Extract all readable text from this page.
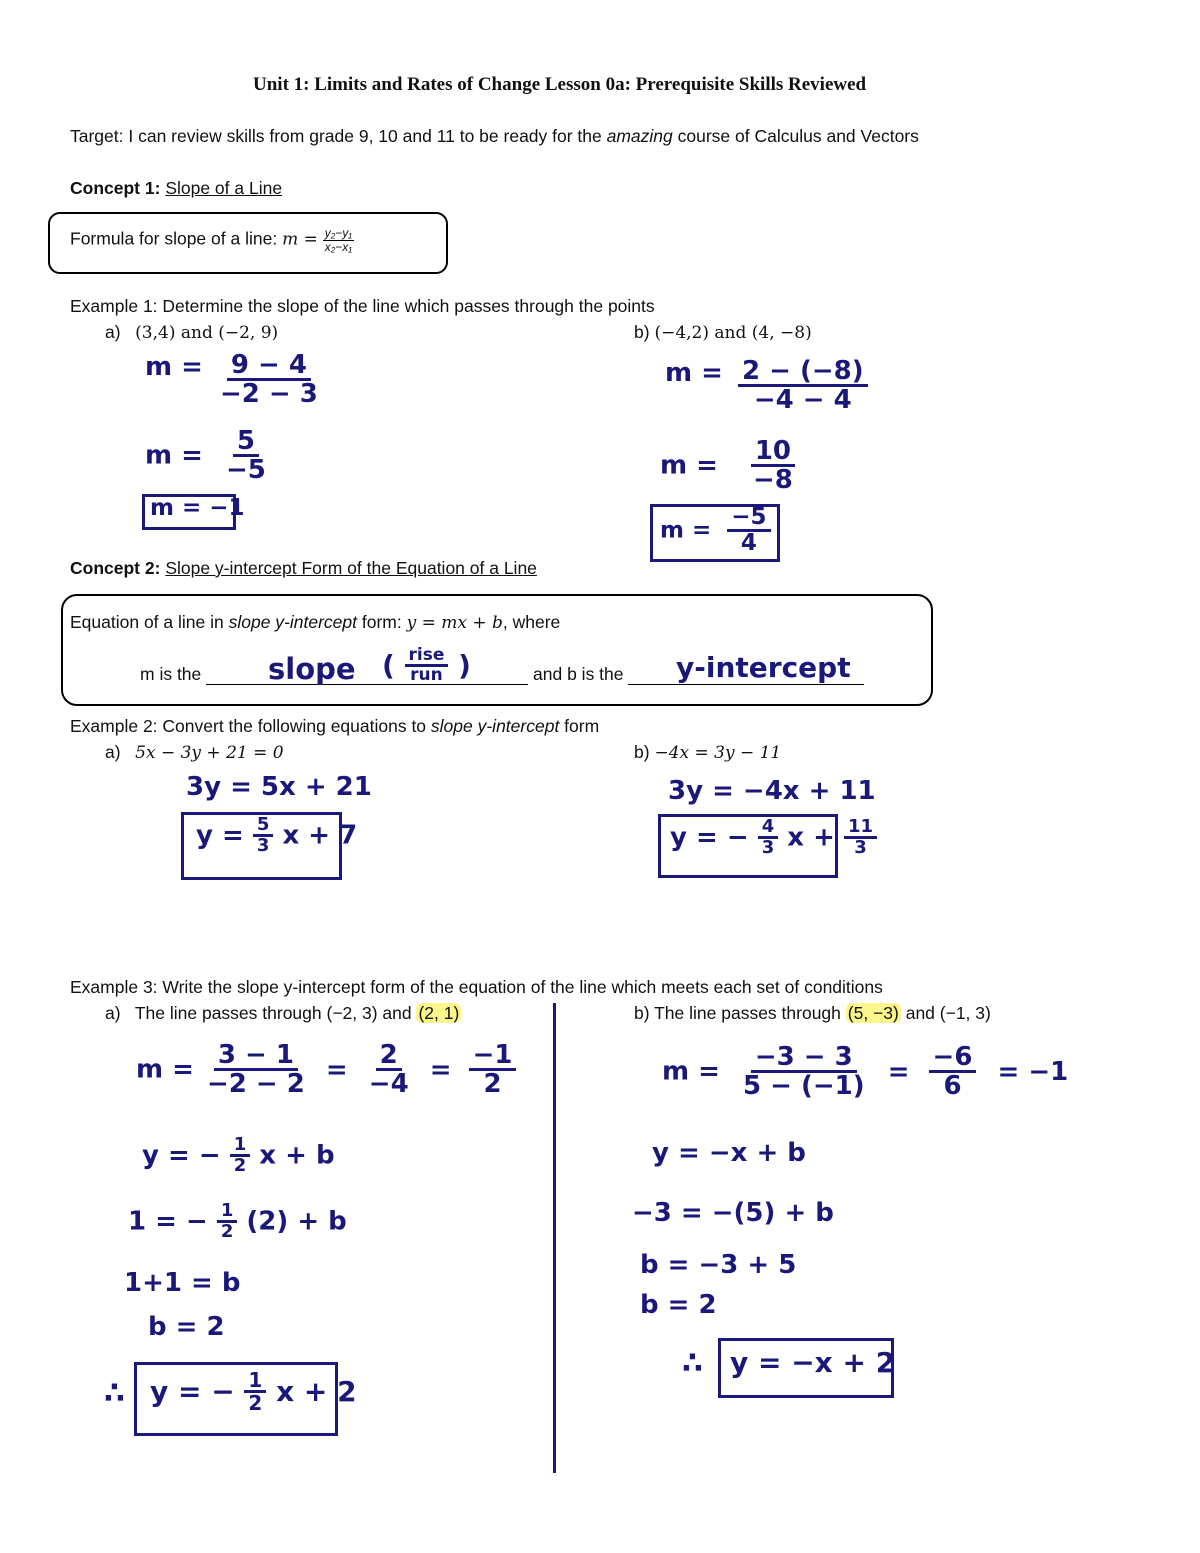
Unit 1: Limits and Rates of Change Lesson 0a: Prerequisite Skills Reviewed
Target: I can review skills from grade 9, 10 and 11 to be ready for the amazing course of Calculus and Vectors
Concept 1: Slope of a Line
Formula for slope of a line: $m = \frac{\text{y₂−y₁}}{\text{x₂−x₁}}$
Example 1: Determine the slope of the line which passes through the points
a) (3,4) and (−2, 9)	b) (−4,2) and (4, −8)
$m = \frac{9 - 4}{-2 - 3}$
$m = \frac{5}{-5}$
m = −1
$m = \frac{2 - (-8)}{-4 - 4}$
$m = \frac{10}{-8}$
$m = \frac{-5}{4}$
Concept 2: Slope y-intercept Form of the Equation of a Line
Equation of a line in slope y-intercept form: y = mx + b, where
m is the	and b is the
slope ( rise
run )	y-intercept
Example 2: Convert the following equations to slope y-intercept form
a) 5x − 3y + 21 = 0	b) −4x = 3y − 11
3y = 5x + 21
$y = \frac{5}{3}$ x + 7
3y = −4x + 11
y = − $\frac{4}{3}$ $x + \frac{11}{3}$
Example 3: Write the slope y-intercept form of the equation of the line which meets each set of conditions
a) The line passes through (−2, 3) and (2, 1)	b) The line passes through (5, −3) and (−1, 3)
$m = \frac{3 - 1}{-2 - 2} = \frac{2}{-4} = \frac{-1}{2}$
y = − $\frac{1}{2}$ x + b
1 = − $\frac{1}{2} (2) + b$
1+1 = b
b = 2
∴ y = − $\frac{1}{2}$ x + 2
$m = \frac{-3 - 3}{5 - (-1)} = \frac{-6}{6} = -1$
y = −x + b
−3 = −(5) + b
b = −3 + 5
b = 2
∴ y = −x + 2
